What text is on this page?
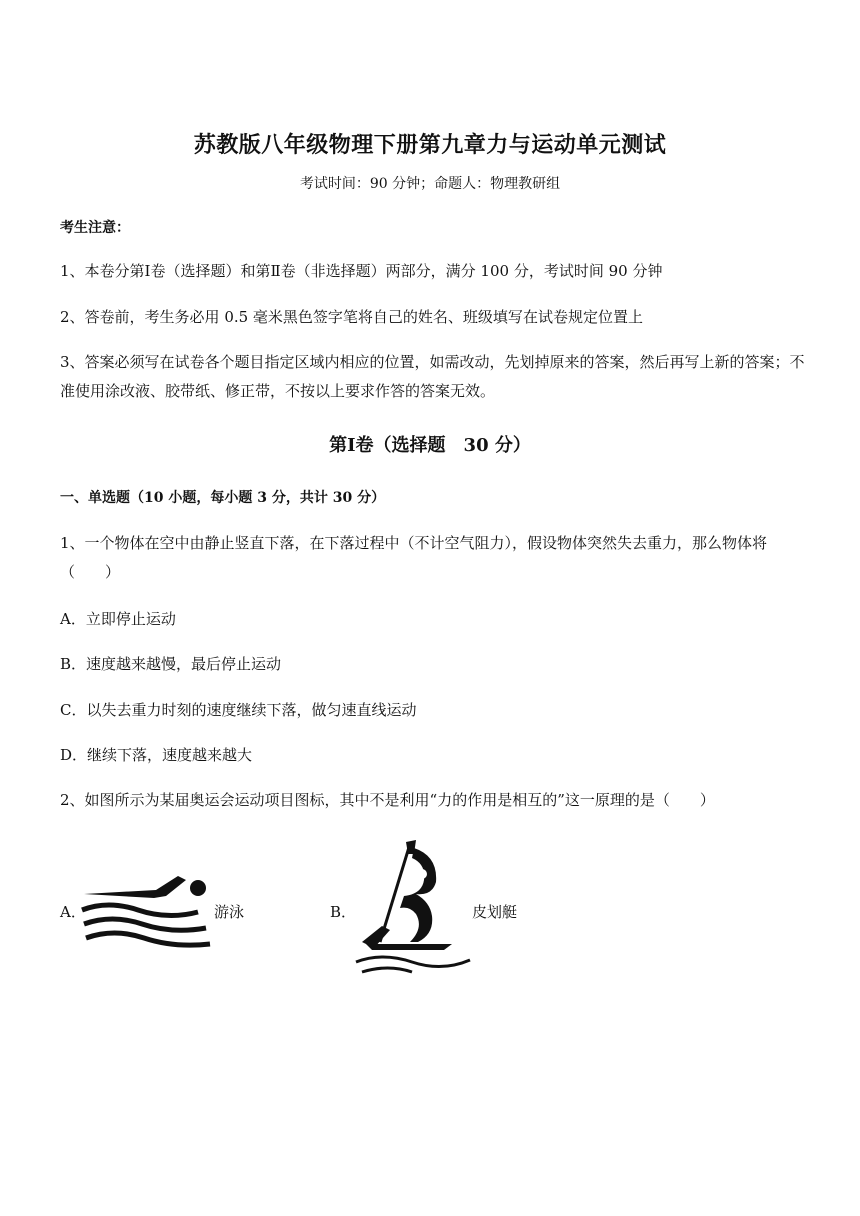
苏教版八年级物理下册第九章力与运动单元测试
考试时间：90 分钟；命题人：物理教研组
考生注意：
1、本卷分第Ⅰ卷（选择题）和第Ⅱ卷（非选择题）两部分，满分 100 分，考试时间 90 分钟
2、答卷前，考生务必用 0.5 毫米黑色签字笔将自己的姓名、班级填写在试卷规定位置上
3、答案必须写在试卷各个题目指定区域内相应的位置，如需改动，先划掉原来的答案，然后再写上新的答案；不准使用涂改液、胶带纸、修正带，不按以上要求作答的答案无效。
第Ⅰ卷（选择题　30 分）
一、单选题（10 小题，每小题 3 分，共计 30 分）
1、一个物体在空中由静止竖直下落，在下落过程中（不计空气阻力），假设物体突然失去重力，那么物体将（　　）
A．立即停止运动
B．速度越来越慢，最后停止运动
C．以失去重力时刻的速度继续下落，做匀速直线运动
D．继续下落，速度越来越大
2、如图所示为某届奥运会运动项目图标，其中不是利用“力的作用是相互的”这一原理的是（　　）
A．	游泳	B．	皮划艇
